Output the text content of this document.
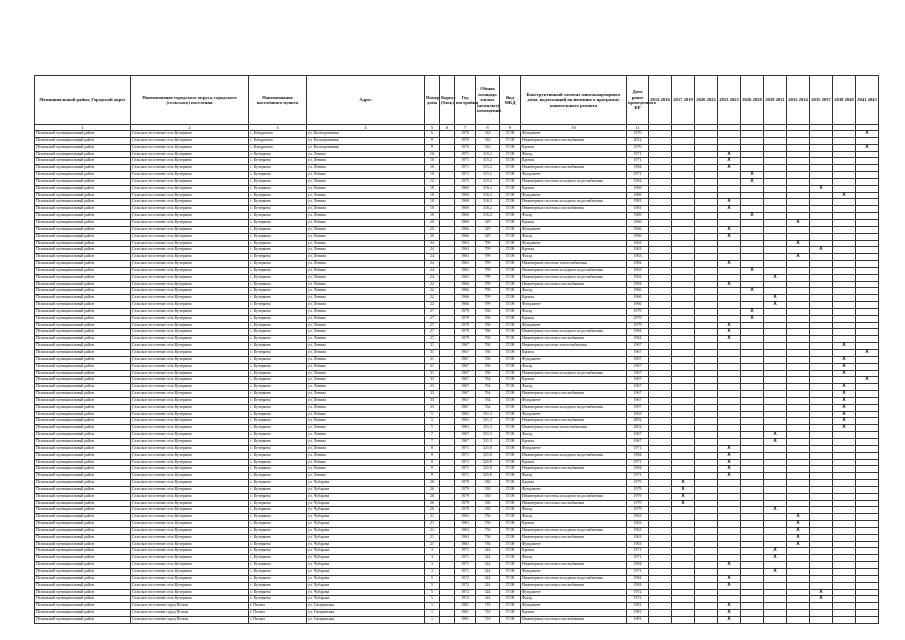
Муниципальный район, Городской округ	Наименование городского округа, городского (сельского) поселения	Наименование населенного пункта	Адрес	Номер дома	Корпус (блок)	Год постройки	Общая площадь жилых (нежилых) помещений	Вид МКД	Конструктивный элемент многоквартирного дома, подлежащий включению в программу капитального ремонта	Дата ранее проведенного КР	2014 2016	2017 2019	2020 2022	2023 2025	2026 2028	2029 2031	2032 2034	2035 2037	2038 2040	2041 2043
1	2	3	4	5	6	7	8	9	10	11										
Пелымский муниципальный район	Сельское поселение село Кучеряево	с. Кондратово	ул. Кооперативная	6		1970	333	37.08	Фундамент	1970										X
Пелымский муниципальный район	Сельское поселение село Кучеряево	с. Кондратово	ул. Кооперативная	8		1970	333	37.08	Инженерные системы газоснабжения	2012										
Пелымский муниципальный район	Сельское поселение село Кучеряево	с. Кондратово	ул. Кооперативная	8		1970	333	37.08	Кровля	1970										X
Пелымский муниципальный район	Сельское поселение село Кучеряево	с. Кучеряево	ул. Ленина	10		1971	315.2	37.08	Фасад	1971				X						
Пелымский муниципальный район	Сельское поселение село Кучеряево	с. Кучеряево	ул. Ленина	10		1971	315.2	37.08	Кровля	1971				X						
Пелымский муниципальный район	Сельское поселение село Кучеряево	с. Кучеряево	ул. Ленина	10		1971	315.2	37.08	Инженерные системы газоснабжения	1984				X						
Пелымский муниципальный район	Сельское поселение село Кучеряево	с. Кучеряево	ул. Ленина	10		1971	315.2	37.08	Фундамент	1971					X					
Пелымский муниципальный район	Сельское поселение село Кучеряево	с. Кучеряево	ул. Ленина	12		1975	315.2	37.08	Инженерные системы холодного водоснабжения	1984					X					
Пелымский муниципальный район	Сельское поселение село Кучеряево	с. Кучеряево	ул. Ленина	18		1969	316.2	37.08	Кровля	1969								X		
Пелымский муниципальный район	Сельское поселение село Кучеряево	с. Кучеряево	ул. Ленина	18		1969	316.2	37.08	Фундамент	1969									X	
Пелымский муниципальный район	Сельское поселение село Кучеряево	с. Кучеряево	ул. Ленина	18		1969	316.2	37.08	Инженерные системы холодного водоснабжения	1981				X						
Пелымский муниципальный район	Сельское поселение село Кучеряево	с. Кучеряево	ул. Ленина	18		1969	316.2	37.08	Инженерные системы газоснабжения	1981				X						
Пелымский муниципальный район	Сельское поселение село Кучеряево	с. Кучеряево	ул. Ленина	18		1969	316.2	37.08	Фасад	1969					X					
Пелымский муниципальный район	Сельское поселение село Кучеряево	с. Кучеряево	ул. Ленина	20		1966	329	37.08	Кровля	1966							X			
Пелымский муниципальный район	Сельское поселение село Кучеряево	с. Кучеряево	ул. Ленина	20		1966	329	37.08	Фундамент	1966				X						
Пелымский муниципальный район	Сельское поселение село Кучеряево	с. Кучеряево	ул. Ленина	20		1966	329	37.08	Фасад	1966				X						
Пелымский муниципальный район	Сельское поселение село Кучеряево	с. Кучеряево	ул. Ленина	24		1963	799	37.08	Фундамент	1963							X			
Пелымский муниципальный район	Сельское поселение село Кучеряево	с. Кучеряево	ул. Ленина	24		1963	799	37.08	Кровля	1963								X		
Пелымский муниципальный район	Сельское поселение село Кучеряево	с. Кучеряево	ул. Ленина	24		1963	799	37.08	Фасад	1963							X			
Пелымский муниципальный район	Сельское поселение село Кучеряево	с. Кучеряево	ул. Ленина	24		1963	799	37.08	Инженерные системы теплоснабжения	1984				X						
Пелымский муниципальный район	Сельское поселение село Кучеряево	с. Кучеряево	ул. Ленина	24		1963	799	37.08	Инженерные системы холодного водоснабжения	1963					X					
Пелымский муниципальный район	Сельское поселение село Кучеряево	с. Кучеряево	ул. Ленина	24		1963	799	37.08	Инженерные системы холодного водоснабжения	1963						X				
Пелымский муниципальный район	Сельское поселение село Кучеряево	с. Кучеряево	ул. Ленина	22		1966	799	37.08	Инженерные системы газоснабжения	1984				X						
Пелымский муниципальный район	Сельское поселение село Кучеряево	с. Кучеряево	ул. Ленина	22		1966	799	37.08	Фасад	1966					X					
Пелымский муниципальный район	Сельское поселение село Кучеряево	с. Кучеряево	ул. Ленина	22		1966	799	37.08	Кровля	1966						X				
Пелымский муниципальный район	Сельское поселение село Кучеряево	с. Кучеряево	ул. Ленина	22		1966	799	37.08	Фундамент	1966						X				
Пелымский муниципальный район	Сельское поселение село Кучеряево	с. Кучеряево	ул. Ленина	27		1979	760	37.08	Фасад	1979					X					
Пелымский муниципальный район	Сельское поселение село Кучеряево	с. Кучеряево	ул. Ленина	27		1979	760	37.08	Кровля	1979					X					
Пелымский муниципальный район	Сельское поселение село Кучеряево	с. Кучеряево	ул. Ленина	27		1979	760	37.08	Фундамент	1979				X						
Пелымский муниципальный район	Сельское поселение село Кучеряево	с. Кучеряево	ул. Ленина	27		1979	760	37.08	Инженерные системы холодного водоснабжения	1984				X						
Пелымский муниципальный район	Сельское поселение село Кучеряево	с. Кучеряево	ул. Ленина	27		1979	760	37.08	Инженерные системы газоснабжения	1984				X						
Пелымский муниципальный район	Сельское поселение село Кучеряево	с. Кучеряево	ул. Ленина	31		1967	760	37.08	Инженерные системы теплоснабжения	1967									X	
Пелымский муниципальный район	Сельское поселение село Кучеряево	с. Кучеряево	ул. Ленина	31		1967	760	37.08	Кровля	1967										X
Пелымский муниципальный район	Сельское поселение село Кучеряево	с. Кучеряево	ул. Ленина	31		1967	760	37.08	Фундамент	1967									X	
Пелымский муниципальный район	Сельское поселение село Кучеряево	с. Кучеряево	ул. Ленина	31		1967	760	37.08	Фасад	1967									X	
Пелымский муниципальный район	Сельское поселение село Кучеряево	с. Кучеряево	ул. Ленина	31		1967	760	37.08	Инженерные системы холодного водоснабжения	1967									X	
Пелымский муниципальный район	Сельское поселение село Кучеряево	с. Кучеряево	ул. Ленина	33		1967	764	37.08	Кровля	1967										X
Пелымский муниципальный район	Сельское поселение село Кучеряево	с. Кучеряево	ул. Ленина	33		1967	764	37.08	Фасад	1967									X	
Пелымский муниципальный район	Сельское поселение село Кучеряево	с. Кучеряево	ул. Ленина	33		1967	764	37.08	Инженерные системы газоснабжения	1967									X	
Пелымский муниципальный район	Сельское поселение село Кучеряево	с. Кучеряево	ул. Ленина	33		1967	764	37.08	Фундамент	1967									X	
Пелымский муниципальный район	Сельское поселение село Кучеряево	с. Кучеряево	ул. Ленина	33		1967	764	37.08	Инженерные системы холодного водоснабжения	1997									X	
Пелымский муниципальный район	Сельское поселение село Кучеряево	с. Кучеряево	ул. Ленина	5		1963	331.3	37.08	Фундамент	1963									X	
Пелымский муниципальный район	Сельское поселение село Кучеряево	с. Кучеряево	ул. Ленина	5		1963	331.3	37.08	Инженерные системы газоснабжения	2002									X	
Пелымский муниципальный район	Сельское поселение село Кучеряево	с. Кучеряево	ул. Ленина	5		1963	331.3	37.08	Инженерные системы теплоснабжения	2002									X	
Пелымский муниципальный район	Сельское поселение село Кучеряево	с. Кучеряево	ул. Ленина	7		1967	331.3	37.08	Фасад	1967						X				
Пелымский муниципальный район	Сельское поселение село Кучеряево	с. Кучеряево	ул. Ленина	7		1967	331.3	37.08	Кровля	1967						X				
Пелымский муниципальный район	Сельское поселение село Кучеряево	с. Кучеряево	ул. Ленина	8		1971	325.8	37.08	Фундамент	1971				X						
Пелымский муниципальный район	Сельское поселение село Кучеряево	с. Кучеряево	ул. Ленина	8		1971	325.8	37.08	Инженерные системы холодного водоснабжения	1984				X						
Пелымский муниципальный район	Сельское поселение село Кучеряево	с. Кучеряево	ул. Ленина	8		1971	325.8	37.08	Кровля	1971				X						
Пелымский муниципальный район	Сельское поселение село Кучеряево	с. Кучеряево	ул. Ленина	8		1971	325.8	37.08	Инженерные системы газоснабжения	1984				X						
Пелымский муниципальный район	Сельское поселение село Кучеряево	с. Кучеряево	ул. Ленина	8		1971	325.8	37.08	Фасад	1971				X						
Пелымский муниципальный район	Сельское поселение село Кучеряево	с. Кучеряево	ул. Чубарова	26		1979	330	37.08	Кровля	1979		X								
Пелымский муниципальный район	Сельское поселение село Кучеряево	с. Кучеряево	ул. Чубарова	26		1979	330	37.08	Фундамент	1979		X								
Пелымский муниципальный район	Сельское поселение село Кучеряево	с. Кучеряево	ул. Чубарова	26		1979	330	37.08	Инженерные системы холодного водоснабжения	1979		X								
Пелымский муниципальный район	Сельское поселение село Кучеряево	с. Кучеряево	ул. Чубарова	26		1979	330	37.08	Инженерные системы газоснабжения	1979		X								
Пелымский муниципальный район	Сельское поселение село Кучеряево	с. Кучеряево	ул. Чубарова	26		1979	330	37.08	Фасад	1979						X				
Пелымский муниципальный район	Сельское поселение село Кучеряево	с. Кучеряево	ул. Чубарова	21		1963	736	37.08	Фасад	1963							X			
Пелымский муниципальный район	Сельское поселение село Кучеряево	с. Кучеряево	ул. Чубарова	21		1963	736	37.08	Кровля	1963							X			
Пелымский муниципальный район	Сельское поселение село Кучеряево	с. Кучеряево	ул. Чубарова	21		1963	736	37.08	Инженерные системы холодного водоснабжения	1963							X			
Пелымский муниципальный район	Сельское поселение село Кучеряево	с. Кучеряево	ул. Чубарова	21		1963	736	37.08	Инженерные системы газоснабжения	1963							X			
Пелымский муниципальный район	Сельское поселение село Кучеряево	с. Кучеряево	ул. Чубарова	21		1963	736	37.08	Фундамент	1963							X			
Пелымский муниципальный район	Сельское поселение село Кучеряево	с. Кучеряево	ул. Чубарова	3		1971	324	37.08	Кровля	1971						X				
Пелымский муниципальный район	Сельское поселение село Кучеряево	с. Кучеряево	ул. Чубарова	3		1971	324	37.08	Фасад	1971						X				
Пелымский муниципальный район	Сельское поселение село Кучеряево	с. Кучеряево	ул. Чубарова	3		1971	324	37.08	Инженерные системы газоснабжения	1984				X						
Пелымский муниципальный район	Сельское поселение село Кучеряево	с. Кучеряево	ул. Чубарова	3		1971	324	37.08	Фундамент	1971						X				
Пелымский муниципальный район	Сельское поселение село Кучеряево	с. Кучеряево	ул. Чубарова	5		1972	324	37.08	Инженерные системы холодного водоснабжения	1984				X						
Пелымский муниципальный район	Сельское поселение село Кучеряево	с. Кучеряево	ул. Чубарова	5		1972	324	37.08	Инженерные системы газоснабжения	1984				X						
Пелымский муниципальный район	Сельское поселение село Кучеряево	с. Кучеряево	ул. Чубарова	5		1972	324	37.08	Фундамент	1972								X		
Пелымский муниципальный район	Сельское поселение село Кучеряево	с. Кучеряево	ул. Чубарова	5		1972	324	37.08	Фасад	1972								X		
Пелымский муниципальный район	Сельское поселение город Пелым	г. Пелым	ул. Гагаринская	1		1981	718	37.08	Фундамент	1981				X						
Пелымский муниципальный район	Сельское поселение город Пелым	г. Пелым	ул. Гагаринская	1		1981	718	37.08	Кровля	1981				X						
Пелымский муниципальный район	Сельское поселение город Пелым	г. Пелым	ул. Гагаринская	1		1981	718	37.08	Инженерные системы газоснабжения	1981				X						
